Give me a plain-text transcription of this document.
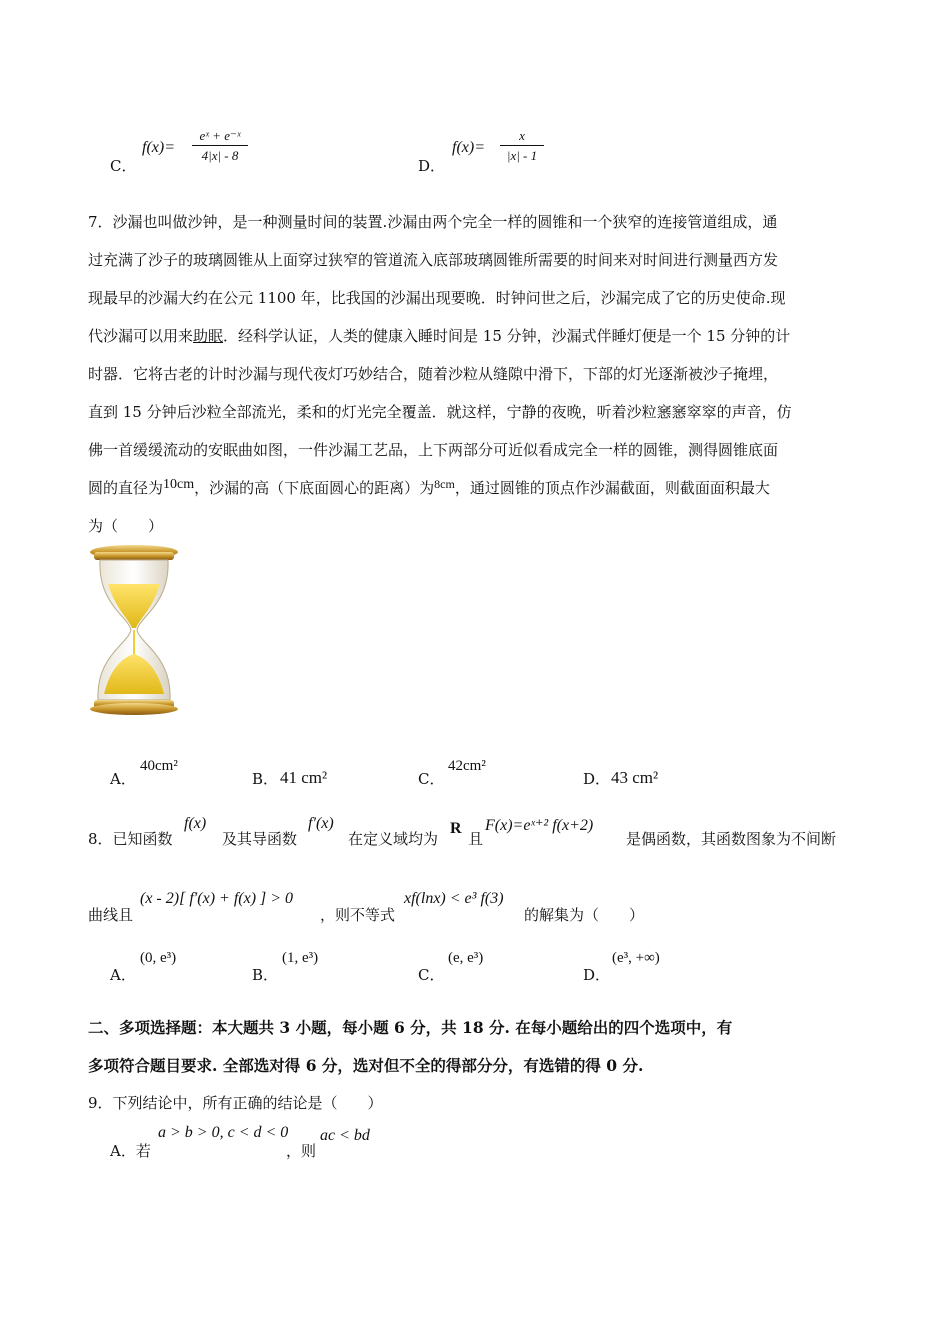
C．
f(x)=
eˣ + e⁻ˣ
4|x| - 8
D．
f(x)=
x
|x| - 1
7．沙漏也叫做沙钟，是一种测量时间的装置.沙漏由两个完全一样的圆锥和一个狭窄的连接管道组成，通
过充满了沙子的玻璃圆锥从上面穿过狭窄的管道流入底部玻璃圆锥所需要的时间来对时间进行测量西方发
现最早的沙漏大约在公元 1100 年，比我国的沙漏出现要晚．时钟问世之后，沙漏完成了它的历史使命.现
代沙漏可以用来助眠．经科学认证，人类的健康入睡时间是 15 分钟，沙漏式伴睡灯便是一个 15 分钟的计
时器．它将古老的计时沙漏与现代夜灯巧妙结合，随着沙粒从缝隙中滑下，下部的灯光逐渐被沙子掩埋，
直到 15 分钟后沙粒全部流光，柔和的灯光完全覆盖．就这样，宁静的夜晚，听着沙粒窸窸窣窣的声音，仿
佛一首缓缓流动的安眠曲如图，一件沙漏工艺品，上下两部分可近似看成完全一样的圆锥，测得圆锥底面
圆的直径为10cm，沙漏的高（下底面圆心的距离）为$^{8cm}$，通过圆锥的顶点作沙漏截面，则截面面积最大
为（　　）
A．
40cm²
B． 41 cm²	C．
42cm²
D． 43 cm²
8．已知函数
f(x)
及其导函数
f′(x)
在定义域均为
R
且
F(x)=eˣ⁺² f(x+2)
是偶函数，其函数图象为不间断
曲线且
(x - 2)[ f′(x) + f(x) ] > 0
，则不等式
xf(lnx) < e³ f(3)
的解集为（　　）
A．
(0, e³)
B．
(1, e³)
C．
(e, e³)
D．
(e³, +∞)
二、多项选择题：本大题共 3 小题，每小题 6 分，共 18 分. 在每小题给出的四个选项中，有
多项符合题目要求. 全部选对得 6 分，选对但不全的得部分分，有选错的得 0 分.
9．下列结论中，所有正确的结论是（　　）
A．若
a > b > 0, c < d < 0
，则
ac < bd
